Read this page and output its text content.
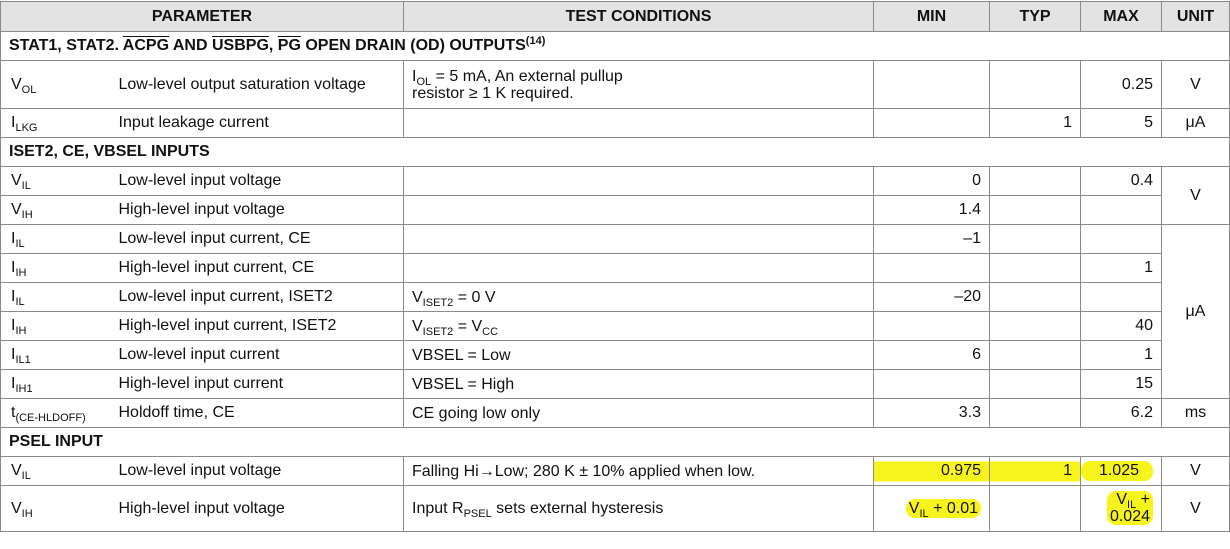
PARAMETER		TEST CONDITIONS	MIN	TYP	MAX	UNIT
STAT1, STAT2. ACPG AND USBPG, $\overline{PG}$ OPEN DRAIN (OD) OUTPUTS$^{(14)}$
$V_{OL}$	Low-level output saturation voltage	$I_{OL} = 5$ mA, An external pullup
resistor ≥ 1 K required.			0.25	V
$I_{LKG}$	Input leakage current			1	5	μA
ISET2, CE, VBSEL INPUTS						
$V_{IL}$	Low-level input voltage		0		0.4	V
$V_{IH}$	High-level input voltage		1.4			
$I_{IL}$	Low-level input current, CE		–1			μA
$I_{IH}$	High-level input current, CE				1	
$I_{IL}$	Low-level input current, ISET2	$V_{ISET2} = 0$ V	–20			
$I_{IH}$	High-level input current, ISET2	$V_{ISET2} = V_{CC}$			40	
$I_{IL1}$	Low-level input current	VBSEL = Low	6		1	
$I_{IH1}$	High-level input current	VBSEL = High			15	
$t_{(CE-HLDOFF)}$	Holdoff time, CE	CE going low only	3.3		6.2	ms
PSEL INPUT						
$V_{IL}$	Low-level input voltage	Falling Hi→Low; 280 K ± 10% applied when low.	0.975	1	1.025	V
$V_{IH}$	High-level input voltage	Input $R_{PSEL}$ sets external hysteresis	$V_{IL} + 0.01$		$V_{IL}$ +
0.024	V
